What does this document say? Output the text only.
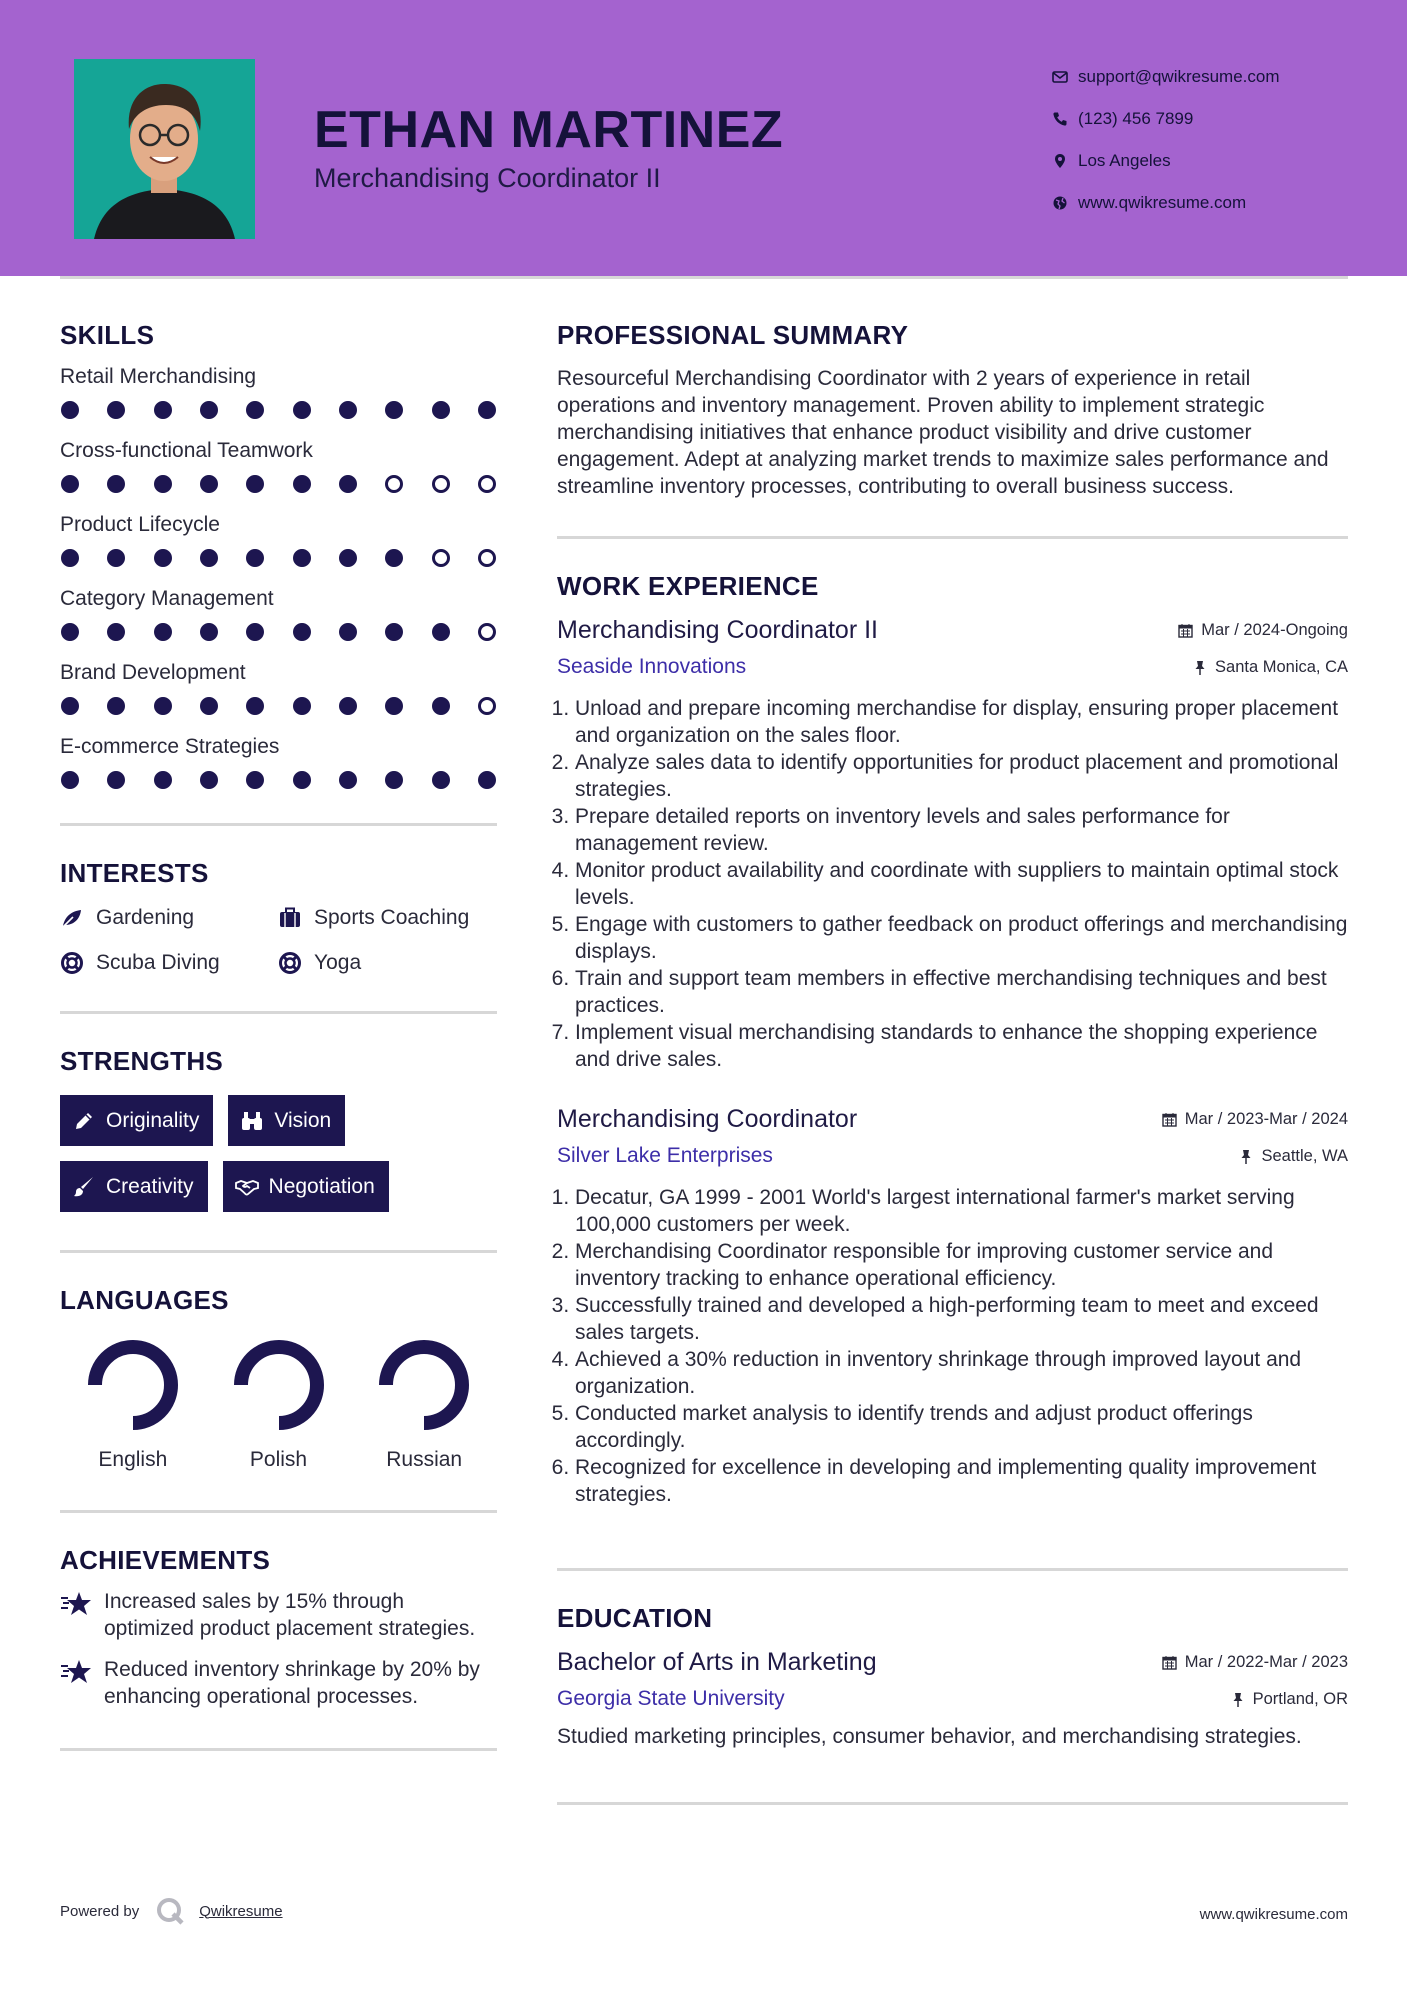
ETHAN MARTINEZ
Merchandising Coordinator II
support@qwikresume.com
(123) 456 7899
Los Angeles
www.qwikresume.com
SKILLS
Retail Merchandising
Cross-functional Teamwork
Product Lifecycle
Category Management
Brand Development
E-commerce Strategies
INTERESTS
Gardening	Sports Coaching
Scuba Diving	Yoga
STRENGTHS
Originality	Vision
Creativity	Negotiation
LANGUAGES
English	Polish	Russian
ACHIEVEMENTS
Increased sales by 15% through optimized product placement strategies.
Reduced inventory shrinkage by 20% by enhancing operational processes.
PROFESSIONAL SUMMARY
Resourceful Merchandising Coordinator with 2 years of experience in retail operations and inventory management. Proven ability to implement strategic merchandising initiatives that enhance product visibility and drive customer engagement. Adept at analyzing market trends to maximize sales performance and streamline inventory processes, contributing to overall business success.
WORK EXPERIENCE
Merchandising Coordinator II	Mar / 2024-Ongoing
Seaside Innovations	Santa Monica, CA
1. Unload and prepare incoming merchandise for display, ensuring proper placement and organization on the sales floor.
2. Analyze sales data to identify opportunities for product placement and promotional strategies.
3. Prepare detailed reports on inventory levels and sales performance for management review.
4. Monitor product availability and coordinate with suppliers to maintain optimal stock levels.
5. Engage with customers to gather feedback on product offerings and merchandising displays.
6. Train and support team members in effective merchandising techniques and best practices.
7. Implement visual merchandising standards to enhance the shopping experience and drive sales.
Merchandising Coordinator	Mar / 2023-Mar / 2024
Silver Lake Enterprises	Seattle, WA
1. Decatur, GA 1999 - 2001 World's largest international farmer's market serving 100,000 customers per week.
2. Merchandising Coordinator responsible for improving customer service and inventory tracking to enhance operational efficiency.
3. Successfully trained and developed a high-performing team to meet and exceed sales targets.
4. Achieved a 30% reduction in inventory shrinkage through improved layout and organization.
5. Conducted market analysis to identify trends and adjust product offerings accordingly.
6. Recognized for excellence in developing and implementing quality improvement strategies.
EDUCATION
Bachelor of Arts in Marketing	Mar / 2022-Mar / 2023
Georgia State University	Portland, OR
Studied marketing principles, consumer behavior, and merchandising strategies.
Powered by	Qwikresume	www.qwikresume.com
